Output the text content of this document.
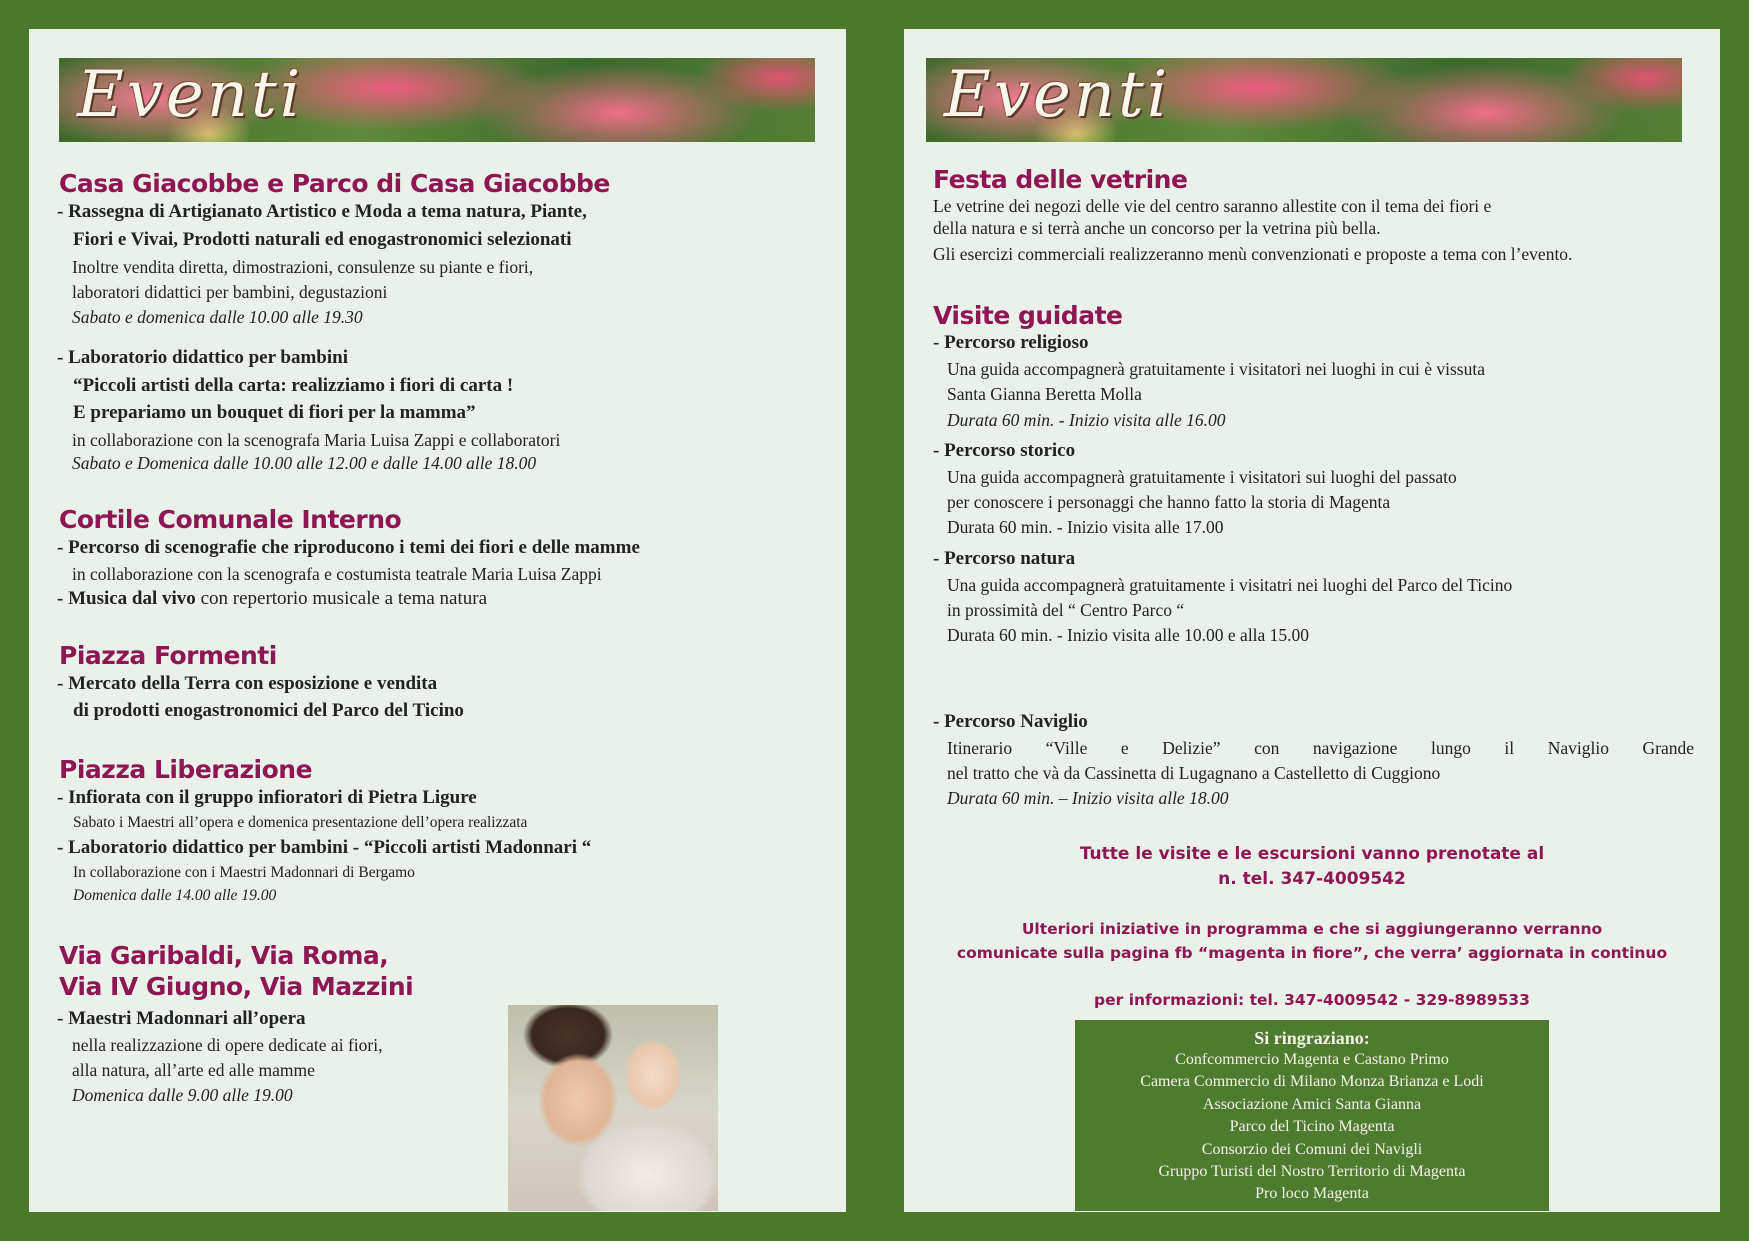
Eventi
Casa Giacobbe e Parco di Casa Giacobbe
- Rassegna di Artigianato Artistico e Moda a tema natura, Piante,
Fiori e Vivai, Prodotti naturali ed enogastronomici selezionati
Inoltre vendita diretta, dimostrazioni, consulenze su piante e fiori,
laboratori didattici per bambini, degustazioni
Sabato e domenica dalle 10.00 alle 19.30
- Laboratorio didattico per bambini
“Piccoli artisti della carta: realizziamo i fiori di carta !
E prepariamo un bouquet di fiori per la mamma”
in collaborazione con la scenografa Maria Luisa Zappi e collaboratori
Sabato e Domenica dalle 10.00 alle 12.00 e dalle 14.00 alle 18.00
Cortile Comunale Interno
- Percorso di scenografie che riproducono i temi dei fiori e delle mamme
in collaborazione con la scenografa e costumista teatrale Maria Luisa Zappi
- Musica dal vivo con repertorio musicale a tema natura
Piazza Formenti
- Mercato della Terra con esposizione e vendita
di prodotti enogastronomici del Parco del Ticino
Piazza Liberazione
- Infiorata con il gruppo infioratori di Pietra Ligure
Sabato i Maestri all’opera e domenica presentazione dell’opera realizzata
- Laboratorio didattico per bambini - “Piccoli artisti Madonnari “
In collaborazione con i Maestri Madonnari di Bergamo
Domenica dalle 14.00 alle 19.00
Via Garibaldi, Via Roma,
Via IV Giugno, Via Mazzini
- Maestri Madonnari all’opera
nella realizzazione di opere dedicate ai fiori,
alla natura, all’arte ed alle mamme
Domenica dalle 9.00 alle 19.00
Eventi
Festa delle vetrine
Le vetrine dei negozi delle vie del centro saranno allestite con il tema dei fiori e
della natura e si terrà anche un concorso per la vetrina più bella.
Gli esercizi commerciali realizzeranno menù convenzionati e proposte a tema con l’evento.
Visite guidate
- Percorso religioso
Una guida accompagnerà gratuitamente i visitatori nei luoghi in cui è vissuta
Santa Gianna Beretta Molla
Durata 60 min. - Inizio visita alle 16.00
- Percorso storico
Una guida accompagnerà gratuitamente i visitatori sui luoghi del passato
per conoscere i personaggi che hanno fatto la storia di Magenta
Durata 60 min. - Inizio visita alle 17.00
- Percorso natura
Una guida accompagnerà gratuitamente i visitatri nei luoghi del Parco del Ticino
in prossimità del “ Centro Parco “
Durata 60 min. - Inizio visita alle 10.00 e alla 15.00
- Percorso Naviglio
Itinerario “Ville e Delizie” con navigazione lungo il Naviglio Grande
nel tratto che và da Cassinetta di Lugagnano a Castelletto di Cuggiono
Durata 60 min. – Inizio visita alle 18.00
Tutte le visite e le escursioni vanno prenotate al
n. tel. 347-4009542
Ulteriori iniziative in programma e che si aggiungeranno verranno
comunicate sulla pagina fb “magenta in fiore”, che verra’ aggiornata in continuo
per informazioni: tel. 347-4009542 - 329-8989533
Si ringraziano:
Confcommercio Magenta e Castano Primo
Camera Commercio di Milano Monza Brianza e Lodi
Associazione Amici Santa Gianna
Parco del Ticino Magenta
Consorzio dei Comuni dei Navigli
Gruppo Turisti del Nostro Territorio di Magenta
Pro loco Magenta
